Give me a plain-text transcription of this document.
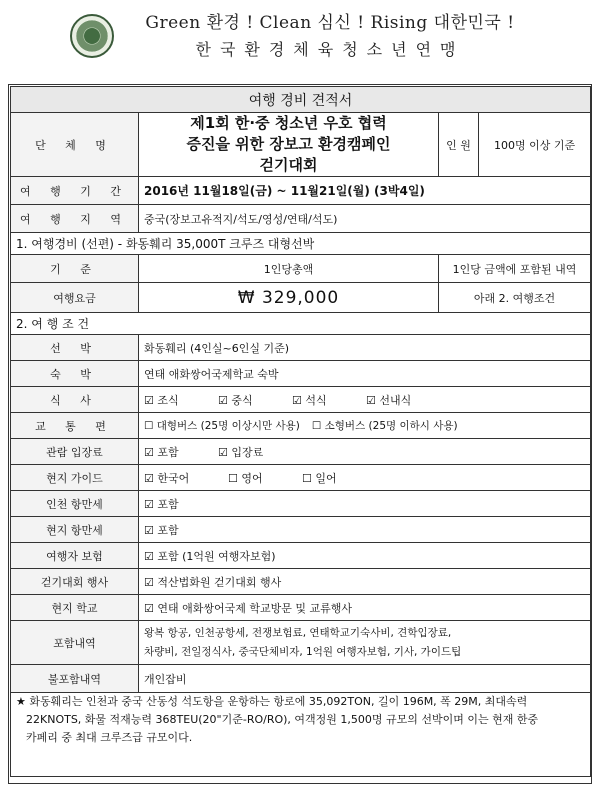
Green 환경 ! Clean 심신 ! Rising 대한민국 !
한국환경체육청소년연맹
여행 경비 견적서			
단 체 명	제1회 한·중 청소년 우호 협력
증진을 위한 장보고 환경캠페인
걷기대회	인 원	100명 이상 기준
여 행 기 간	2016년 11월18일(금) ~ 11월21일(월) (3박4일)		
여 행 지 역	중국(장보고유적지/석도/영성/연태/석도)		
1. 여행경비 (선편) - 화동훼리 35,000T 크루즈 대형선박			
기 준	1인당총액	1인당 금액에 포함된 내역	
여행요금	₩ 329,000	아래 2. 여행조건	
2. 여 행 조 건			
선 박	화동훼리 (4인실~6인실 기준)		
숙 박	연태 애화쌍어국제학교 숙박		
식 사	☑ 조식 ☑ 중식 ☑ 석식 ☑ 선내식		
교 통 편	☐ 대형버스 (25명 이상시만 사용) ☐ 소형버스 (25명 이하시 사용)		
관람 입장료	☑ 포함 ☑ 입장료		
현지 가이드	☑ 한국어 ☐ 영어 ☐ 일어		
인천 항만세	☑ 포함		
현지 항만세	☑ 포함		
여행자 보험	☑ 포함 (1억원 여행자보험)		
걷기대회 행사	☑ 적산법화원 걷기대회 행사		
현지 학교	☑ 연태 애화쌍어국제 학교방문 및 교류행사		
포함내역	왕복 항공, 인천공항세, 전쟁보험료, 연태학교기숙사비, 견학입장료,
차량비, 전일정식사, 중국단체비자, 1억원 여행자보험, 기사, 가이드팁		

불포함내역	개인잡비		

★ 화동훼리는 인천과 중국 산동성 석도항을 운항하는 항로에 35,092TON, 길이 196M, 폭 29M, 최대속력
22KNOTS, 화물 적재능력 368TEU(20"기준-RO/RO), 여객정원 1,500명 규모의 선박이며 이는 현재 한중
카페리 중 최대 크루즈급 규모이다.			
